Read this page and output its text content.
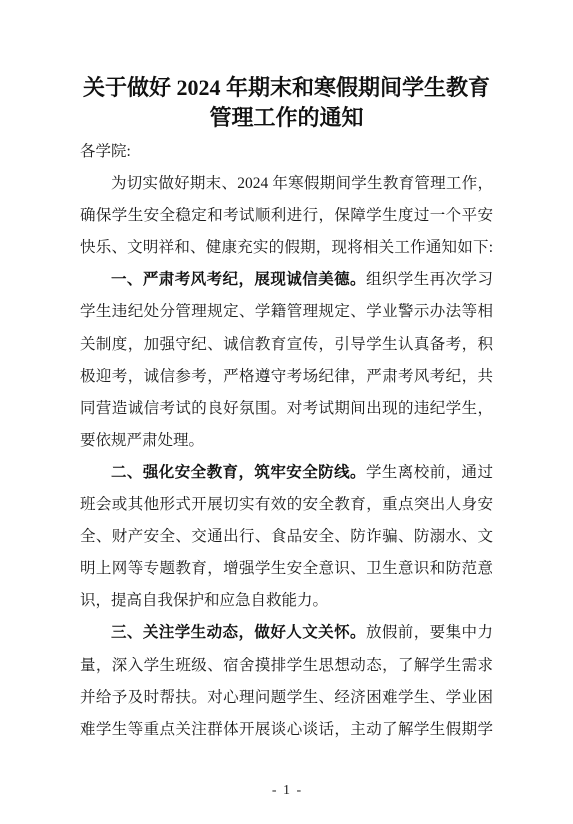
关于做好 2024 年期末和寒假期间学生教育
管理工作的通知
各学院:
为切实做好期末、2024 年寒假期间学生教育管理工作，
确保学生安全稳定和考试顺利进行，保障学生度过一个平安
快乐、文明祥和、健康充实的假期，现将相关工作通知如下:
一、严肃考风考纪，展现诚信美德。组织学生再次学习
学生违纪处分管理规定、学籍管理规定、学业警示办法等相
关制度，加强守纪、诚信教育宣传，引导学生认真备考，积
极迎考，诚信参考，严格遵守考场纪律，严肃考风考纪，共
同营造诚信考试的良好氛围。对考试期间出现的违纪学生，
要依规严肃处理。
二、强化安全教育，筑牢安全防线。学生离校前，通过
班会或其他形式开展切实有效的安全教育，重点突出人身安
全、财产安全、交通出行、食品安全、防诈骗、防溺水、文
明上网等专题教育，增强学生安全意识、卫生意识和防范意
识，提高自我保护和应急自救能力。
三、关注学生动态，做好人文关怀。放假前，要集中力
量，深入学生班级、宿舍摸排学生思想动态，了解学生需求
并给予及时帮扶。对心理问题学生、经济困难学生、学业困
难学生等重点关注群体开展谈心谈话，主动了解学生假期学
- 1 -
